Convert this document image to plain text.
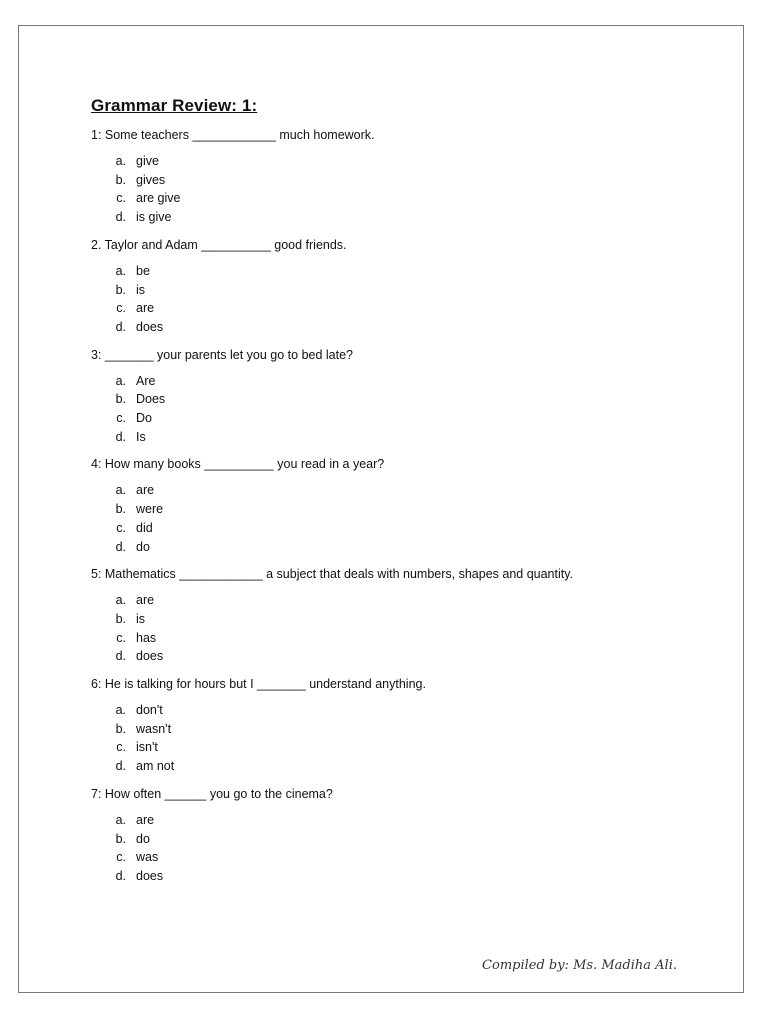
Grammar Review: 1:
1: Some teachers ____________ much homework.
a. give
b. gives
c. are give
d. is give
2. Taylor and Adam __________ good friends.
a. be
b. is
c. are
d. does
3: _______ your parents let you go to bed late?
a. Are
b. Does
c. Do
d. Is
4: How many books __________ you read in a year?
a. are
b. were
c. did
d. do
5: Mathematics ____________ a subject that deals with numbers, shapes and quantity.
a. are
b. is
c. has
d. does
6: He is talking for hours but I _______ understand anything.
a. don't
b. wasn't
c. isn't
d. am not
7: How often ______ you go to the cinema?
a. are
b. do
c. was
d. does
Compiled by: Ms. Madiha Ali.
